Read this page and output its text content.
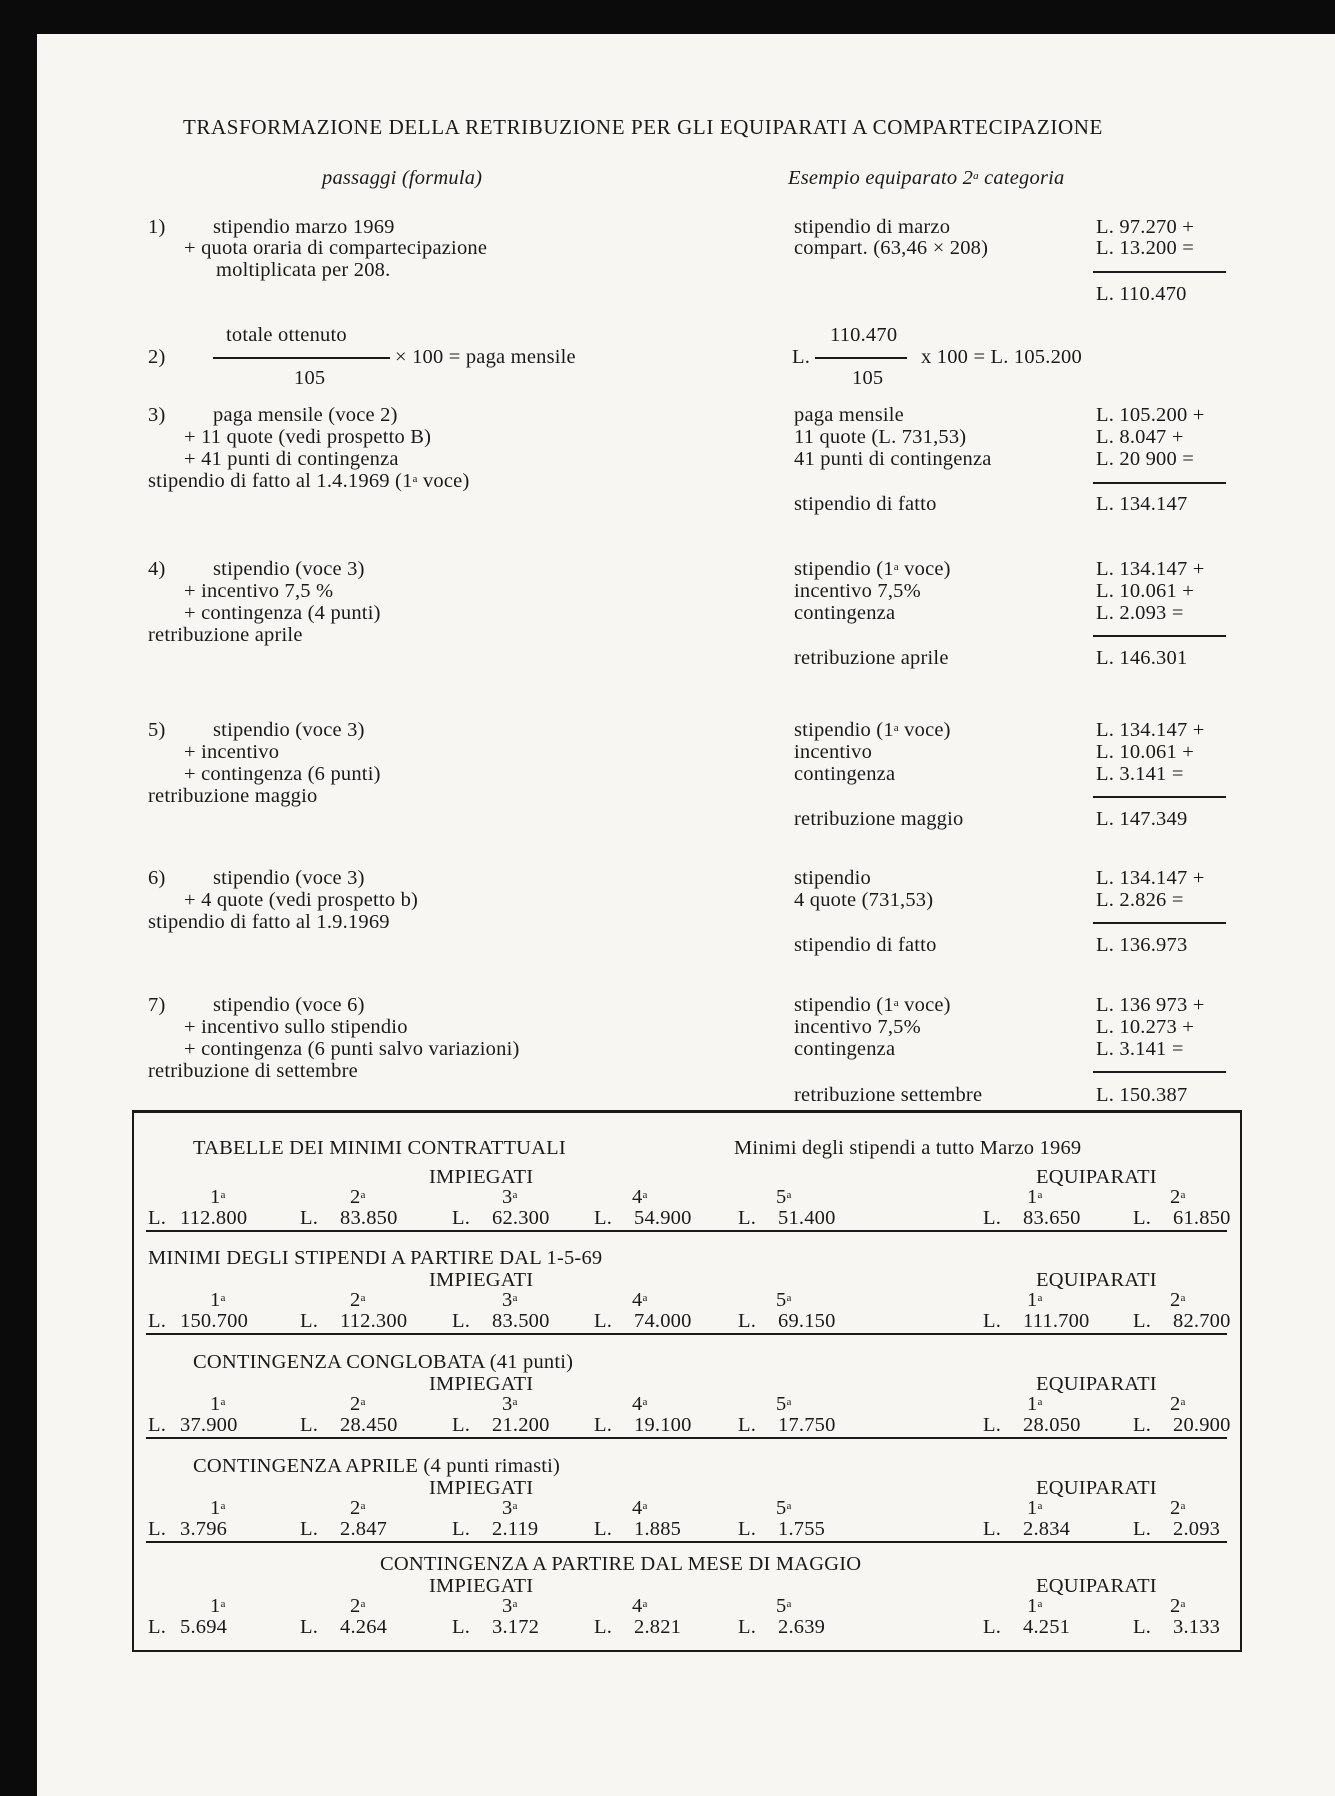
TRASFORMAZIONE DELLA RETRIBUZIONE PER GLI EQUIPARATI A COMPARTECIPAZIONE
passaggi (formula)	Esempio equiparato 2$^a$ categoria
1) stipendio marzo 1969
+ quota oraria di compartecipazione
moltiplicata per 208.
stipendio di marzo	L. 97.270 +
compart. (63,46 × 208)	L. 13.200 =
L. 110.470
totale ottenuto
2)	× 100 = paga mensile
105
110.470
L.	x 100 = L. 105.200
105
3) paga mensile (voce 2)
+ 11 quote (vedi prospetto B)
+ 41 punti di contingenza
stipendio di fatto al 1.4.1969 (1$^a$ voce)
paga mensile	L. 105.200 +
11 quote (L. 731,53)	L. 8.047 +
41 punti di contingenza	L. 20 900 =
stipendio di fatto	L. 134.147
4) stipendio (voce 3)
+ incentivo 7,5 %
+ contingenza (4 punti)
retribuzione aprile
stipendio (1$^a$ voce)	L. 134.147 +
incentivo 7,5%	L. 10.061 +
contingenza	L. 2.093 =
retribuzione aprile	L. 146.301
5) stipendio (voce 3)
+ incentivo
+ contingenza (6 punti)
retribuzione maggio
stipendio (1$^a$ voce)	L. 134.147 +
incentivo	L. 10.061 +
contingenza	L. 3.141 =
retribuzione maggio	L. 147.349
6) stipendio (voce 3)
+ 4 quote (vedi prospetto b)
stipendio di fatto al 1.9.1969
stipendio	L. 134.147 +
4 quote (731,53)	L. 2.826 =
stipendio di fatto	L. 136.973
7) stipendio (voce 6)
+ incentivo sullo stipendio
+ contingenza (6 punti salvo variazioni)
retribuzione di settembre
stipendio (1$^a$ voce)	L. 136 973 +
incentivo 7,5%	L. 10.273 +
contingenza	L. 3.141 =
retribuzione settembre	L. 150.387
TABELLE DEI MINIMI CONTRATTUALI	Minimi degli stipendi a tutto Marzo 1969
IMPIEGATI	EQUIPARATI
1$^a$	2$^a$	3$^a$	4$^a$	5$^a$	1$^a$	2$^a$
L. 112.800	L. 83.850	L. 62.300 L. 54.900 L. 51.400	L. 83.650	L. 61.850
MINIMI DEGLI STIPENDI A PARTIRE DAL 1-5-69
IMPIEGATI	EQUIPARATI
1$^a$	2$^a$	3$^a$	4$^a$	5$^a$	1$^a$	2$^a$
L. 150.700	L. 112.300 L. 83.500 L. 74.000 L. 69.150	L. 111.700 L. 82.700
CONTINGENZA CONGLOBATA (41 punti)
IMPIEGATI	EQUIPARATI
1$^a$	2$^a$	3$^a$	4$^a$	5$^a$	1$^a$	2$^a$
L. 37.900	L. 28.450	L. 21.200 L. 19.100 L. 17.750	L. 28.050	L. 20.900
CONTINGENZA APRILE (4 punti rimasti)
IMPIEGATI	EQUIPARATI
1$^a$	2$^a$	3$^a$	4$^a$	5$^a$	1$^a$	2$^a$
L. 3.796	L. 2.847	L. 2.119	L. 1.885	L. 1.755	L. 2.834	L. 2.093
CONTINGENZA A PARTIRE DAL MESE DI MAGGIO
IMPIEGATI	EQUIPARATI
1$^a$	2$^a$	3$^a$	4$^a$	5$^a$	1$^a$	2$^a$
L. 5.694	L. 4.264	L. 3.172	L. 2.821	L. 2.639	L. 4.251	L. 3.133
